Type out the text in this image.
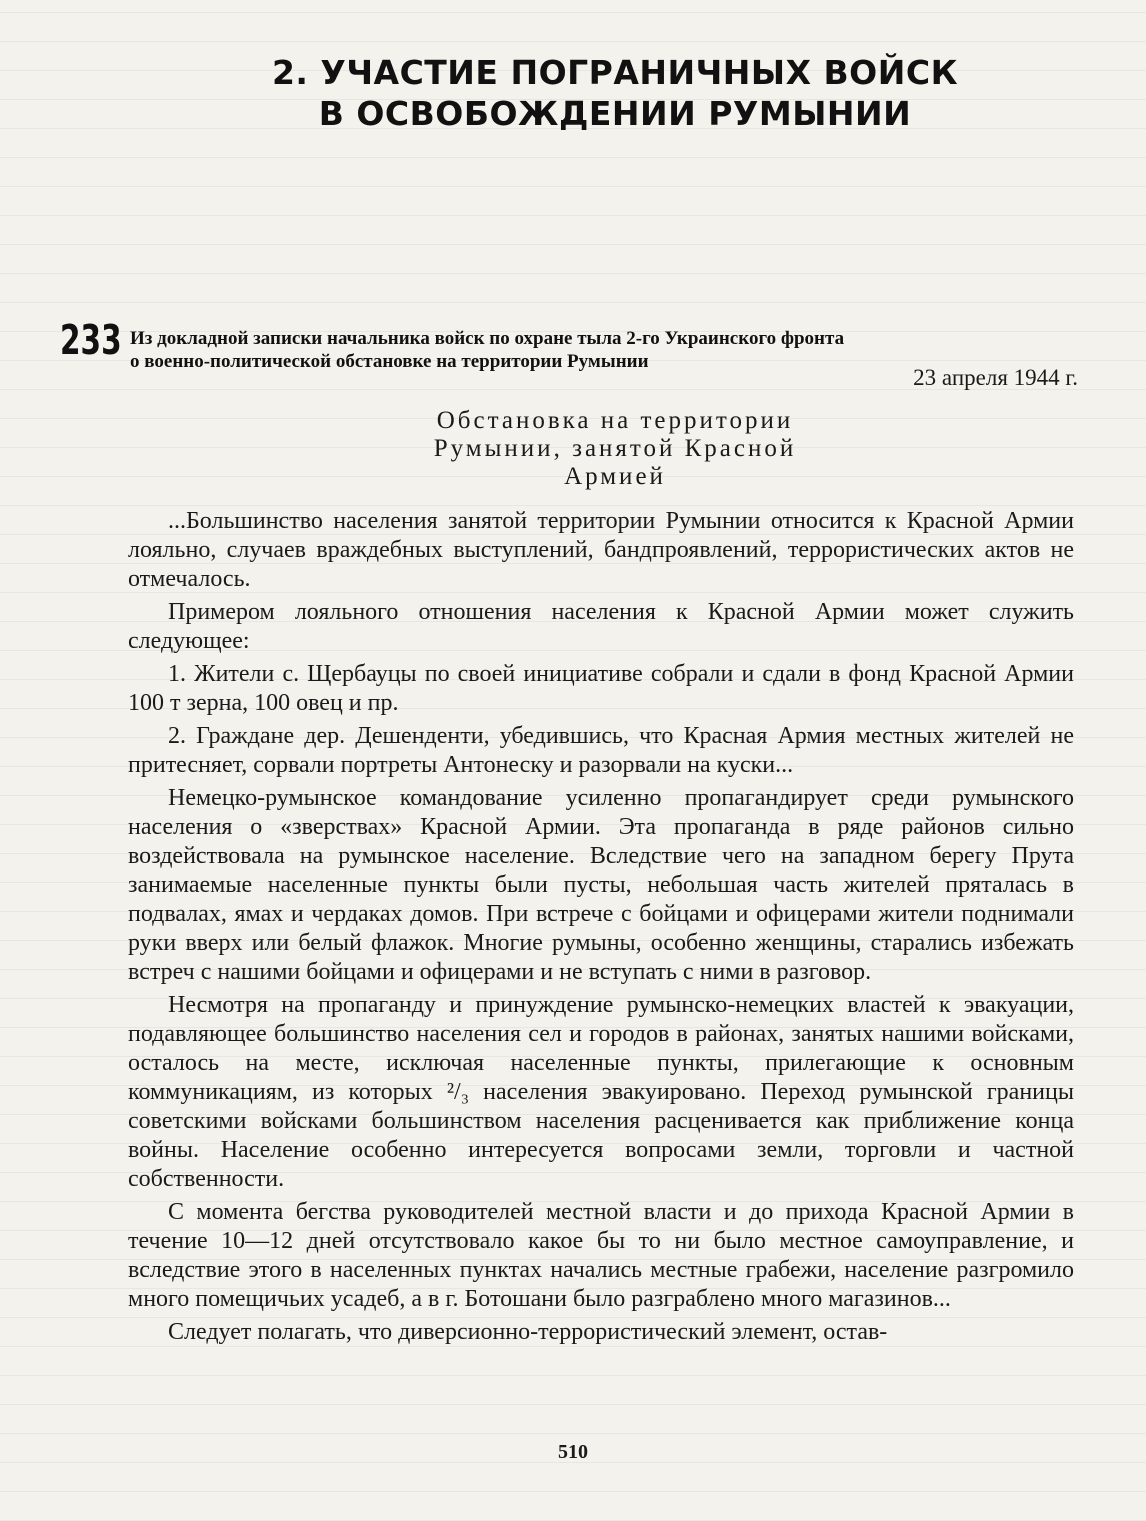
2. УЧАСТИЕ ПОГРАНИЧНЫХ ВОЙСК
В ОСВОБОЖДЕНИИ РУМЫНИИ
233 Из докладной записки начальника войск по охране тыла 2-го Украинского фронта
о военно-политической обстановке на территории Румынии
23 апреля 1944 г.
Обстановка на территории
Румынии, занятой Красной
Армией

...Большинство населения занятой территории Румынии относится к Красной Армии лояльно, случаев враждебных выступлений, бандпроявлений, террористических актов не отмечалось.

Примером лояльного отношения населения к Красной Армии может служить следующее:

1. Жители с. Щербауцы по своей инициативе собрали и сдали в фонд Красной Армии 100 т зерна, 100 овец и пр.

2. Граждане дер. Дешенденти, убедившись, что Красная Армия местных жителей не притесняет, сорвали портреты Антонеску и разорвали на куски...

Немецко-румынское командование усиленно пропагандирует среди румынского населения о «зверствах» Красной Армии. Эта пропаганда в ряде районов сильно воздействовала на румынское население. Вследствие чего на западном берегу Прута занимаемые населенные пункты были пусты, небольшая часть жителей пряталась в подвалах, ямах и чердаках домов. При встрече с бойцами и офицерами жители поднимали руки вверх или белый флажок. Многие румыны, особенно женщины, старались избежать встреч с нашими бойцами и офицерами и не вступать с ними в разговор.

Несмотря на пропаганду и принуждение румынско-немецких властей к эвакуации, подавляющее большинство населения сел и городов в районах, занятых нашими войсками, осталось на месте, исключая населенные пункты, прилегающие к основным коммуникациям, из которых ²/₃ населения эвакуировано. Переход румынской границы советскими войсками большинством населения расценивается как приближение конца войны. Население особенно интересуется вопросами земли, торговли и частной собственности.

С момента бегства руководителей местной власти и до прихода Красной Армии в течение 10—12 дней отсутствовало какое бы то ни было местное самоуправление, и вследствие этого в населенных пунктах начались местные грабежи, население разгромило много помещичьих усадеб, а в г. Ботошани было разграблено много магазинов...

Следует полагать, что диверсионно-террористический элемент, остав-

510
